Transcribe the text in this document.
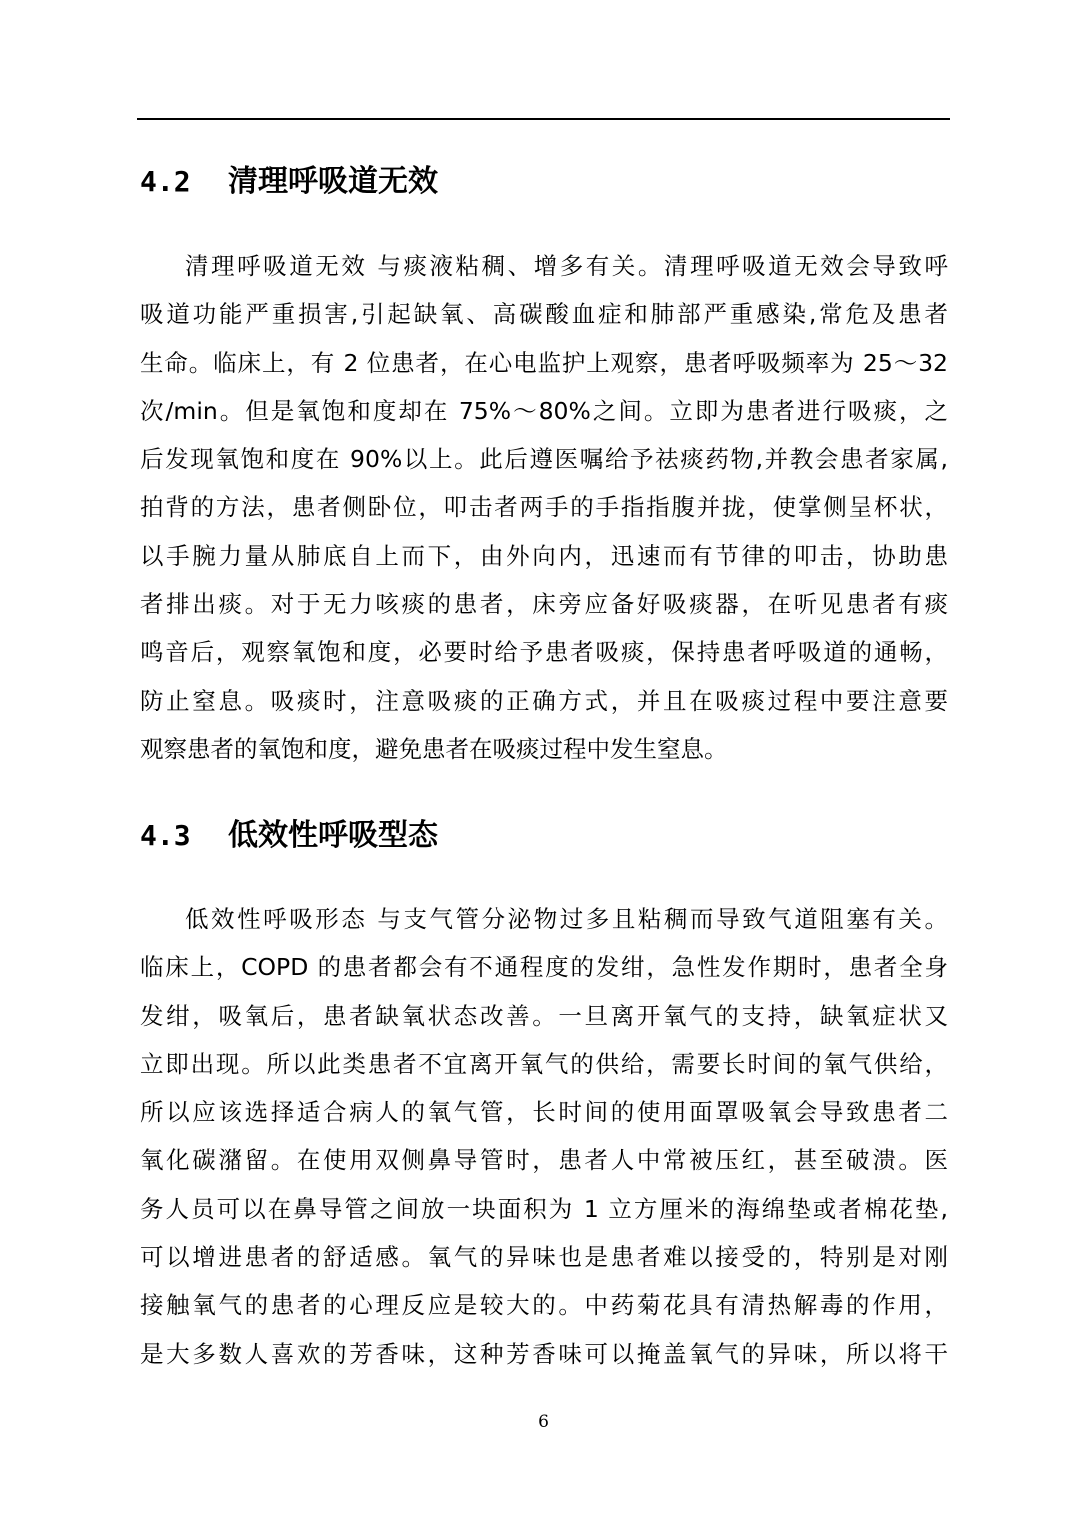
4.2 清理呼吸道无效
清理呼吸道无效 与痰液粘稠、增多有关。清理呼吸道无效会导致呼
吸道功能严重损害,引起缺氧、高碳酸血症和肺部严重感染,常危及患者
生命。临床上，有 2 位患者，在心电监护上观察，患者呼吸频率为 25～32
次/min。但是氧饱和度却在 75%～80%之间。立即为患者进行吸痰，之
后发现氧饱和度在 90%以上。此后遵医嘱给予祛痰药物,并教会患者家属,
拍背的方法，患者侧卧位，叩击者两手的手指指腹并拢，使掌侧呈杯状，
以手腕力量从肺底自上而下，由外向内，迅速而有节律的叩击，协助患
者排出痰。对于无力咳痰的患者，床旁应备好吸痰器，在听见患者有痰
鸣音后，观察氧饱和度，必要时给予患者吸痰，保持患者呼吸道的通畅，
防止窒息。吸痰时，注意吸痰的正确方式，并且在吸痰过程中要注意要
观察患者的氧饱和度，避免患者在吸痰过程中发生窒息。
4.3 低效性呼吸型态
低效性呼吸形态 与支气管分泌物过多且粘稠而导致气道阻塞有关。
临床上，COPD 的患者都会有不通程度的发绀，急性发作期时，患者全身
发绀，吸氧后，患者缺氧状态改善。一旦离开氧气的支持，缺氧症状又
立即出现。所以此类患者不宜离开氧气的供给，需要长时间的氧气供给，
所以应该选择适合病人的氧气管，长时间的使用面罩吸氧会导致患者二
氧化碳潴留。在使用双侧鼻导管时，患者人中常被压红，甚至破溃。医
务人员可以在鼻导管之间放一块面积为 1 立方厘米的海绵垫或者棉花垫,
可以增进患者的舒适感。氧气的异味也是患者难以接受的，特别是对刚
接触氧气的患者的心理反应是较大的。中药菊花具有清热解毒的作用，
是大多数人喜欢的芳香味，这种芳香味可以掩盖氧气的异味，所以将干
6
